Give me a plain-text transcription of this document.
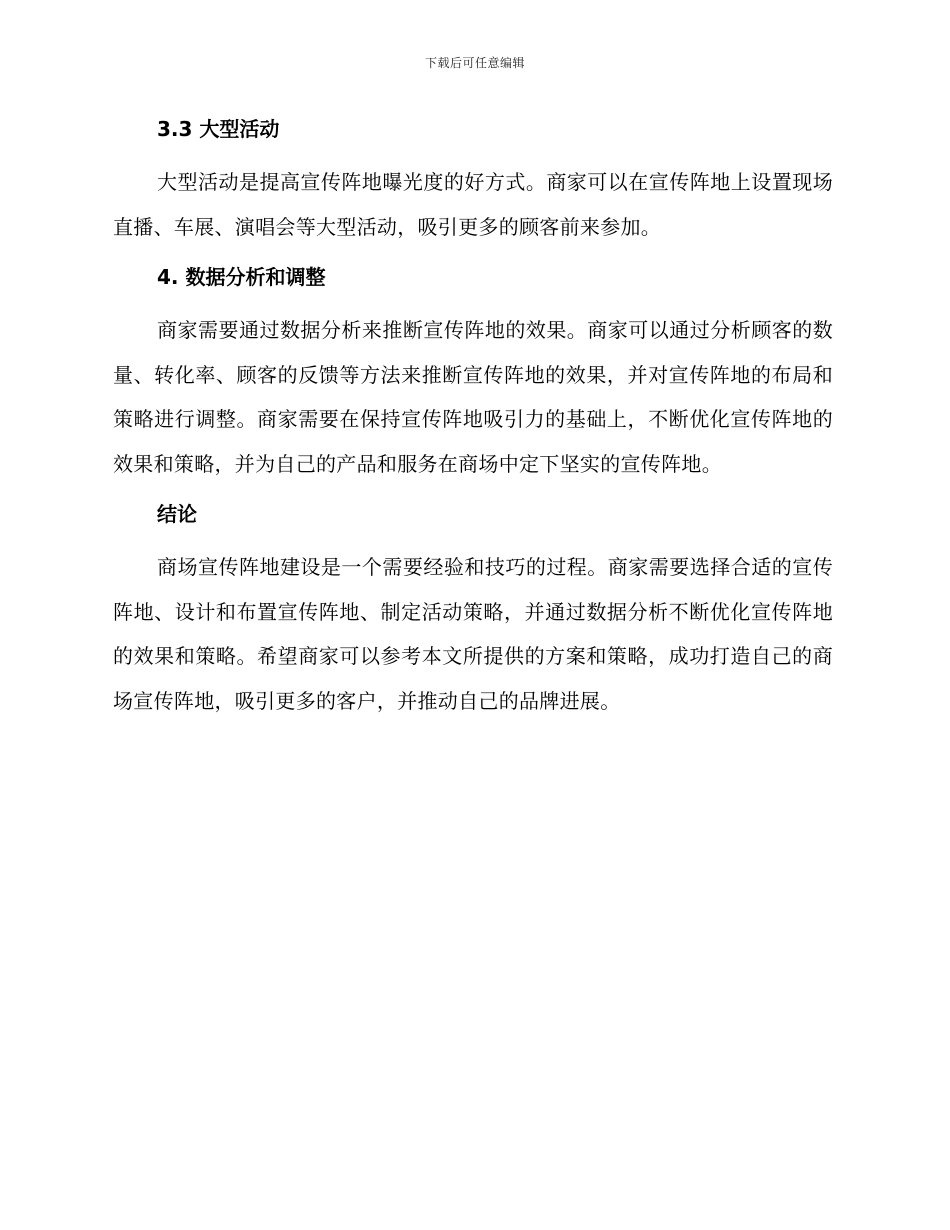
下载后可任意编辑
3.3 大型活动

大型活动是提高宣传阵地曝光度的好方式。商家可以在宣传阵地上设置现场直播、车展、演唱会等大型活动，吸引更多的顾客前来参加。

4. 数据分析和调整

商家需要通过数据分析来推断宣传阵地的效果。商家可以通过分析顾客的数量、转化率、顾客的反馈等方法来推断宣传阵地的效果，并对宣传阵地的布局和策略进行调整。商家需要在保持宣传阵地吸引力的基础上，不断优化宣传阵地的效果和策略，并为自己的产品和服务在商场中定下坚实的宣传阵地。

结论

商场宣传阵地建设是一个需要经验和技巧的过程。商家需要选择合适的宣传阵地、设计和布置宣传阵地、制定活动策略，并通过数据分析不断优化宣传阵地的效果和策略。希望商家可以参考本文所提供的方案和策略，成功打造自己的商场宣传阵地，吸引更多的客户，并推动自己的品牌进展。
